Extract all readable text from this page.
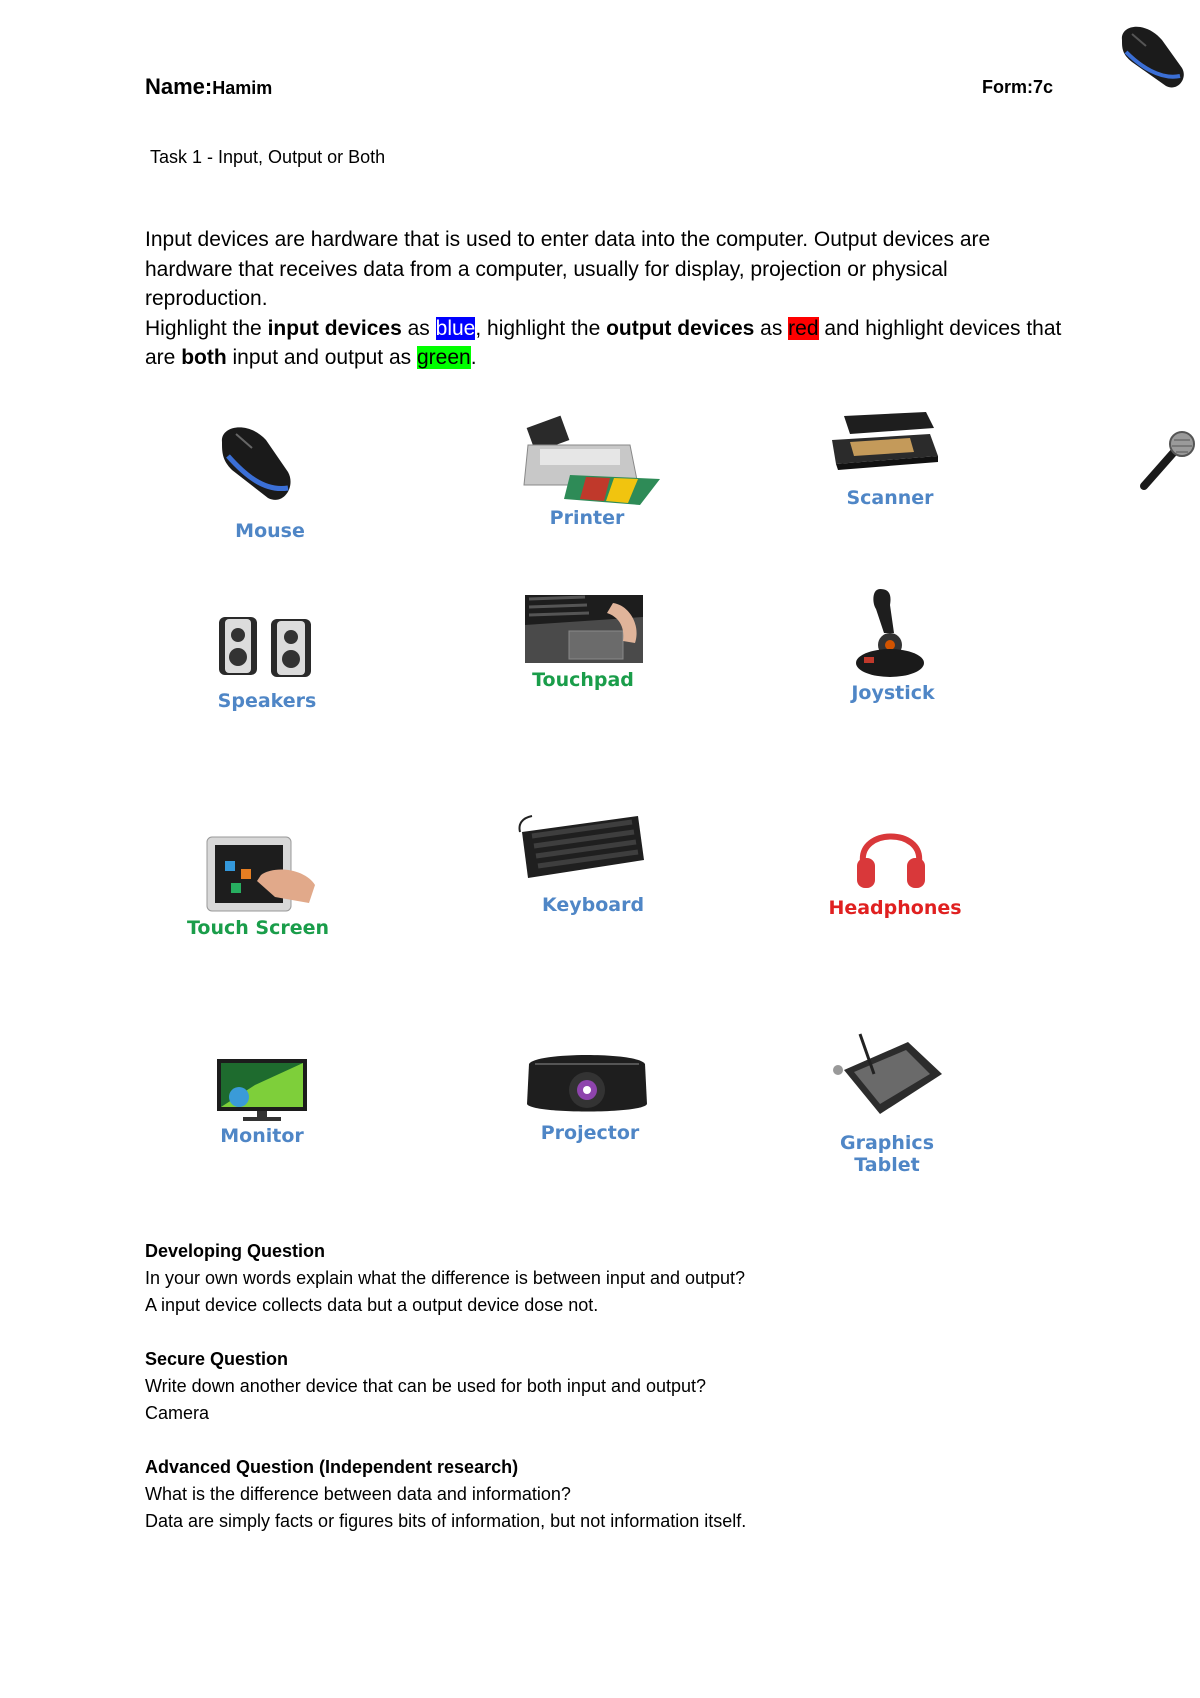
Name:Hamim	Form:7c
Task 1 - Input, Output or Both
Input devices are hardware that is used to enter data into the computer. Output devices are hardware that receives data from a computer, usually for display, projection or physical reproduction.
Highlight the input devices as blue, highlight the output devices as red and highlight devices that are both input and output as green.
Mouse
Printer
Scanner
Speakers
Touchpad
Joystick
Touch Screen
Keyboard	Headphones
Monitor	Projector	Graphics
Tablet
Developing Question
In your own words explain what the difference is between input and output?
A input device collects data but a output device dose not.
Secure Question
Write down another device that can be used for both input and output?
Camera
Advanced Question (Independent research)
What is the difference between data and information?
Data are simply facts or figures bits of information, but not information itself.
